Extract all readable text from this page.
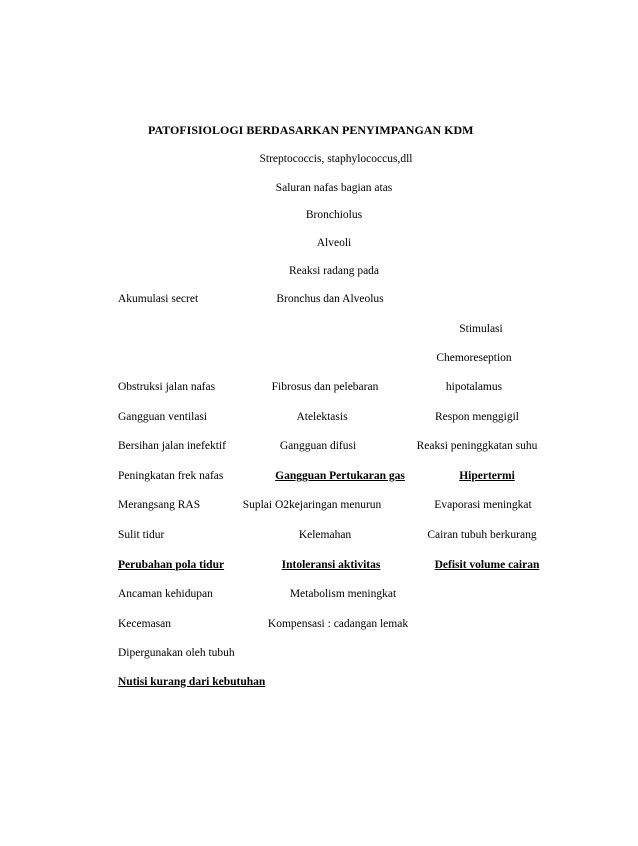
PATOFISIOLOGI BERDASARKAN PENYIMPANGAN KDM
Streptococcis, staphylococcus,dll
Saluran nafas bagian atas
Bronchiolus
Alveoli
Reaksi radang pada
Akumulasi secret	Bronchus dan Alveolus
Stimulasi
Chemoreseption
Obstruksi jalan nafas	Fibrosus dan pelebaran	hipotalamus
Gangguan ventilasi	Atelektasis	Respon menggigil
Bersihan jalan inefektif	Gangguan difusi	Reaksi peninggkatan suhu
Peningkatan frek nafas	Gangguan Pertukaran gas	Hipertermi
Merangsang RAS	Suplai O2kejaringan menurun	Evaporasi meningkat
Sulit tidur	Kelemahan	Cairan tubuh berkurang
Perubahan pola tidur	Intoleransi aktivitas	Defisit volume cairan
Ancaman kehidupan	Metabolism meningkat
Kecemasan	Kompensasi : cadangan lemak
Dipergunakan oleh tubuh
Nutisi kurang dari kebutuhan
